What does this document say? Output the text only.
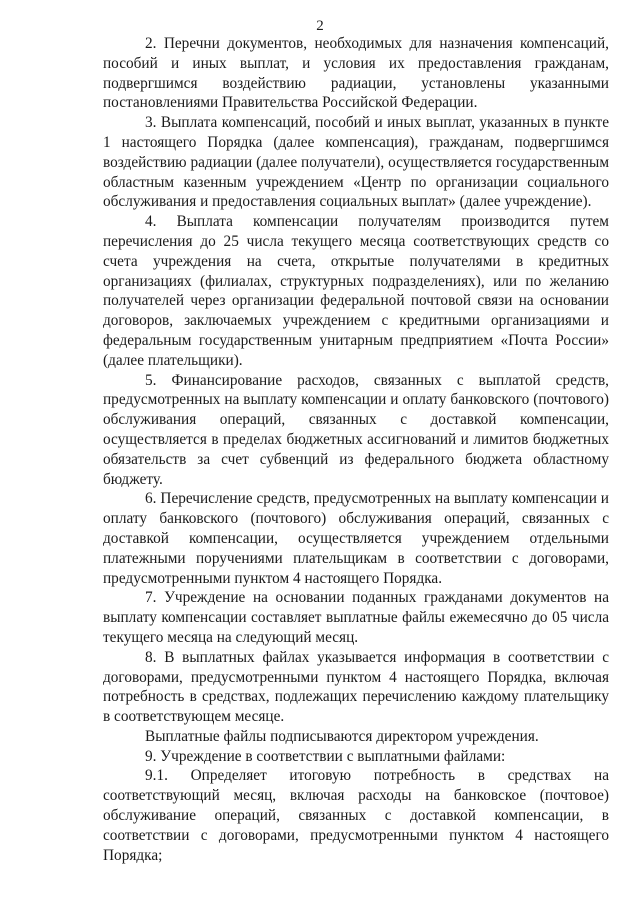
2

2. Перечни документов, необходимых для назначения компенсаций, пособий и иных выплат, и условия их предоставления гражданам, подвергшимся воздействию радиации, установлены указанными постановлениями Правительства Российской Федерации.

3. Выплата компенсаций, пособий и иных выплат, указанных в пункте 1 настоящего Порядка (далее компенсация), гражданам, подвергшимся воздействию радиации (далее получатели), осуществляется государственным областным казенным учреждением «Центр по организации социального обслуживания и предоставления социальных выплат» (далее учреждение).

4. Выплата компенсации получателям производится путем перечисления до 25 числа текущего месяца соответствующих средств со счета учреждения на счета, открытые получателями в кредитных организациях (филиалах, структурных подразделениях), или по желанию получателей через организации федеральной почтовой связи на основании договоров, заключаемых учреждением с кредитными организациями и федеральным государственным унитарным предприятием «Почта России» (далее плательщики).

5. Финансирование расходов, связанных с выплатой средств, предусмотренных на выплату компенсации и оплату банковского (почтового) обслуживания операций, связанных с доставкой компенсации, осуществляется в пределах бюджетных ассигнований и лимитов бюджетных обязательств за счет субвенций из федерального бюджета областному бюджету.

6. Перечисление средств, предусмотренных на выплату компенсации и оплату банковского (почтового) обслуживания операций, связанных с доставкой компенсации, осуществляется учреждением отдельными платежными поручениями плательщикам в соответствии с договорами, предусмотренными пунктом 4 настоящего Порядка.

7. Учреждение на основании поданных гражданами документов на выплату компенсации составляет выплатные файлы ежемесячно до 05 числа текущего месяца на следующий месяц.

8. В выплатных файлах указывается информация в соответствии с договорами, предусмотренными пунктом 4 настоящего Порядка, включая потребность в средствах, подлежащих перечислению каждому плательщику в соответствующем месяце.

Выплатные файлы подписываются директором учреждения.

9. Учреждение в соответствии с выплатными файлами:

9.1. Определяет итоговую потребность в средствах на соответствующий месяц, включая расходы на банковское (почтовое) обслуживание операций, связанных с доставкой компенсации, в соответствии с договорами, предусмотренными пунктом 4 настоящего Порядка;
